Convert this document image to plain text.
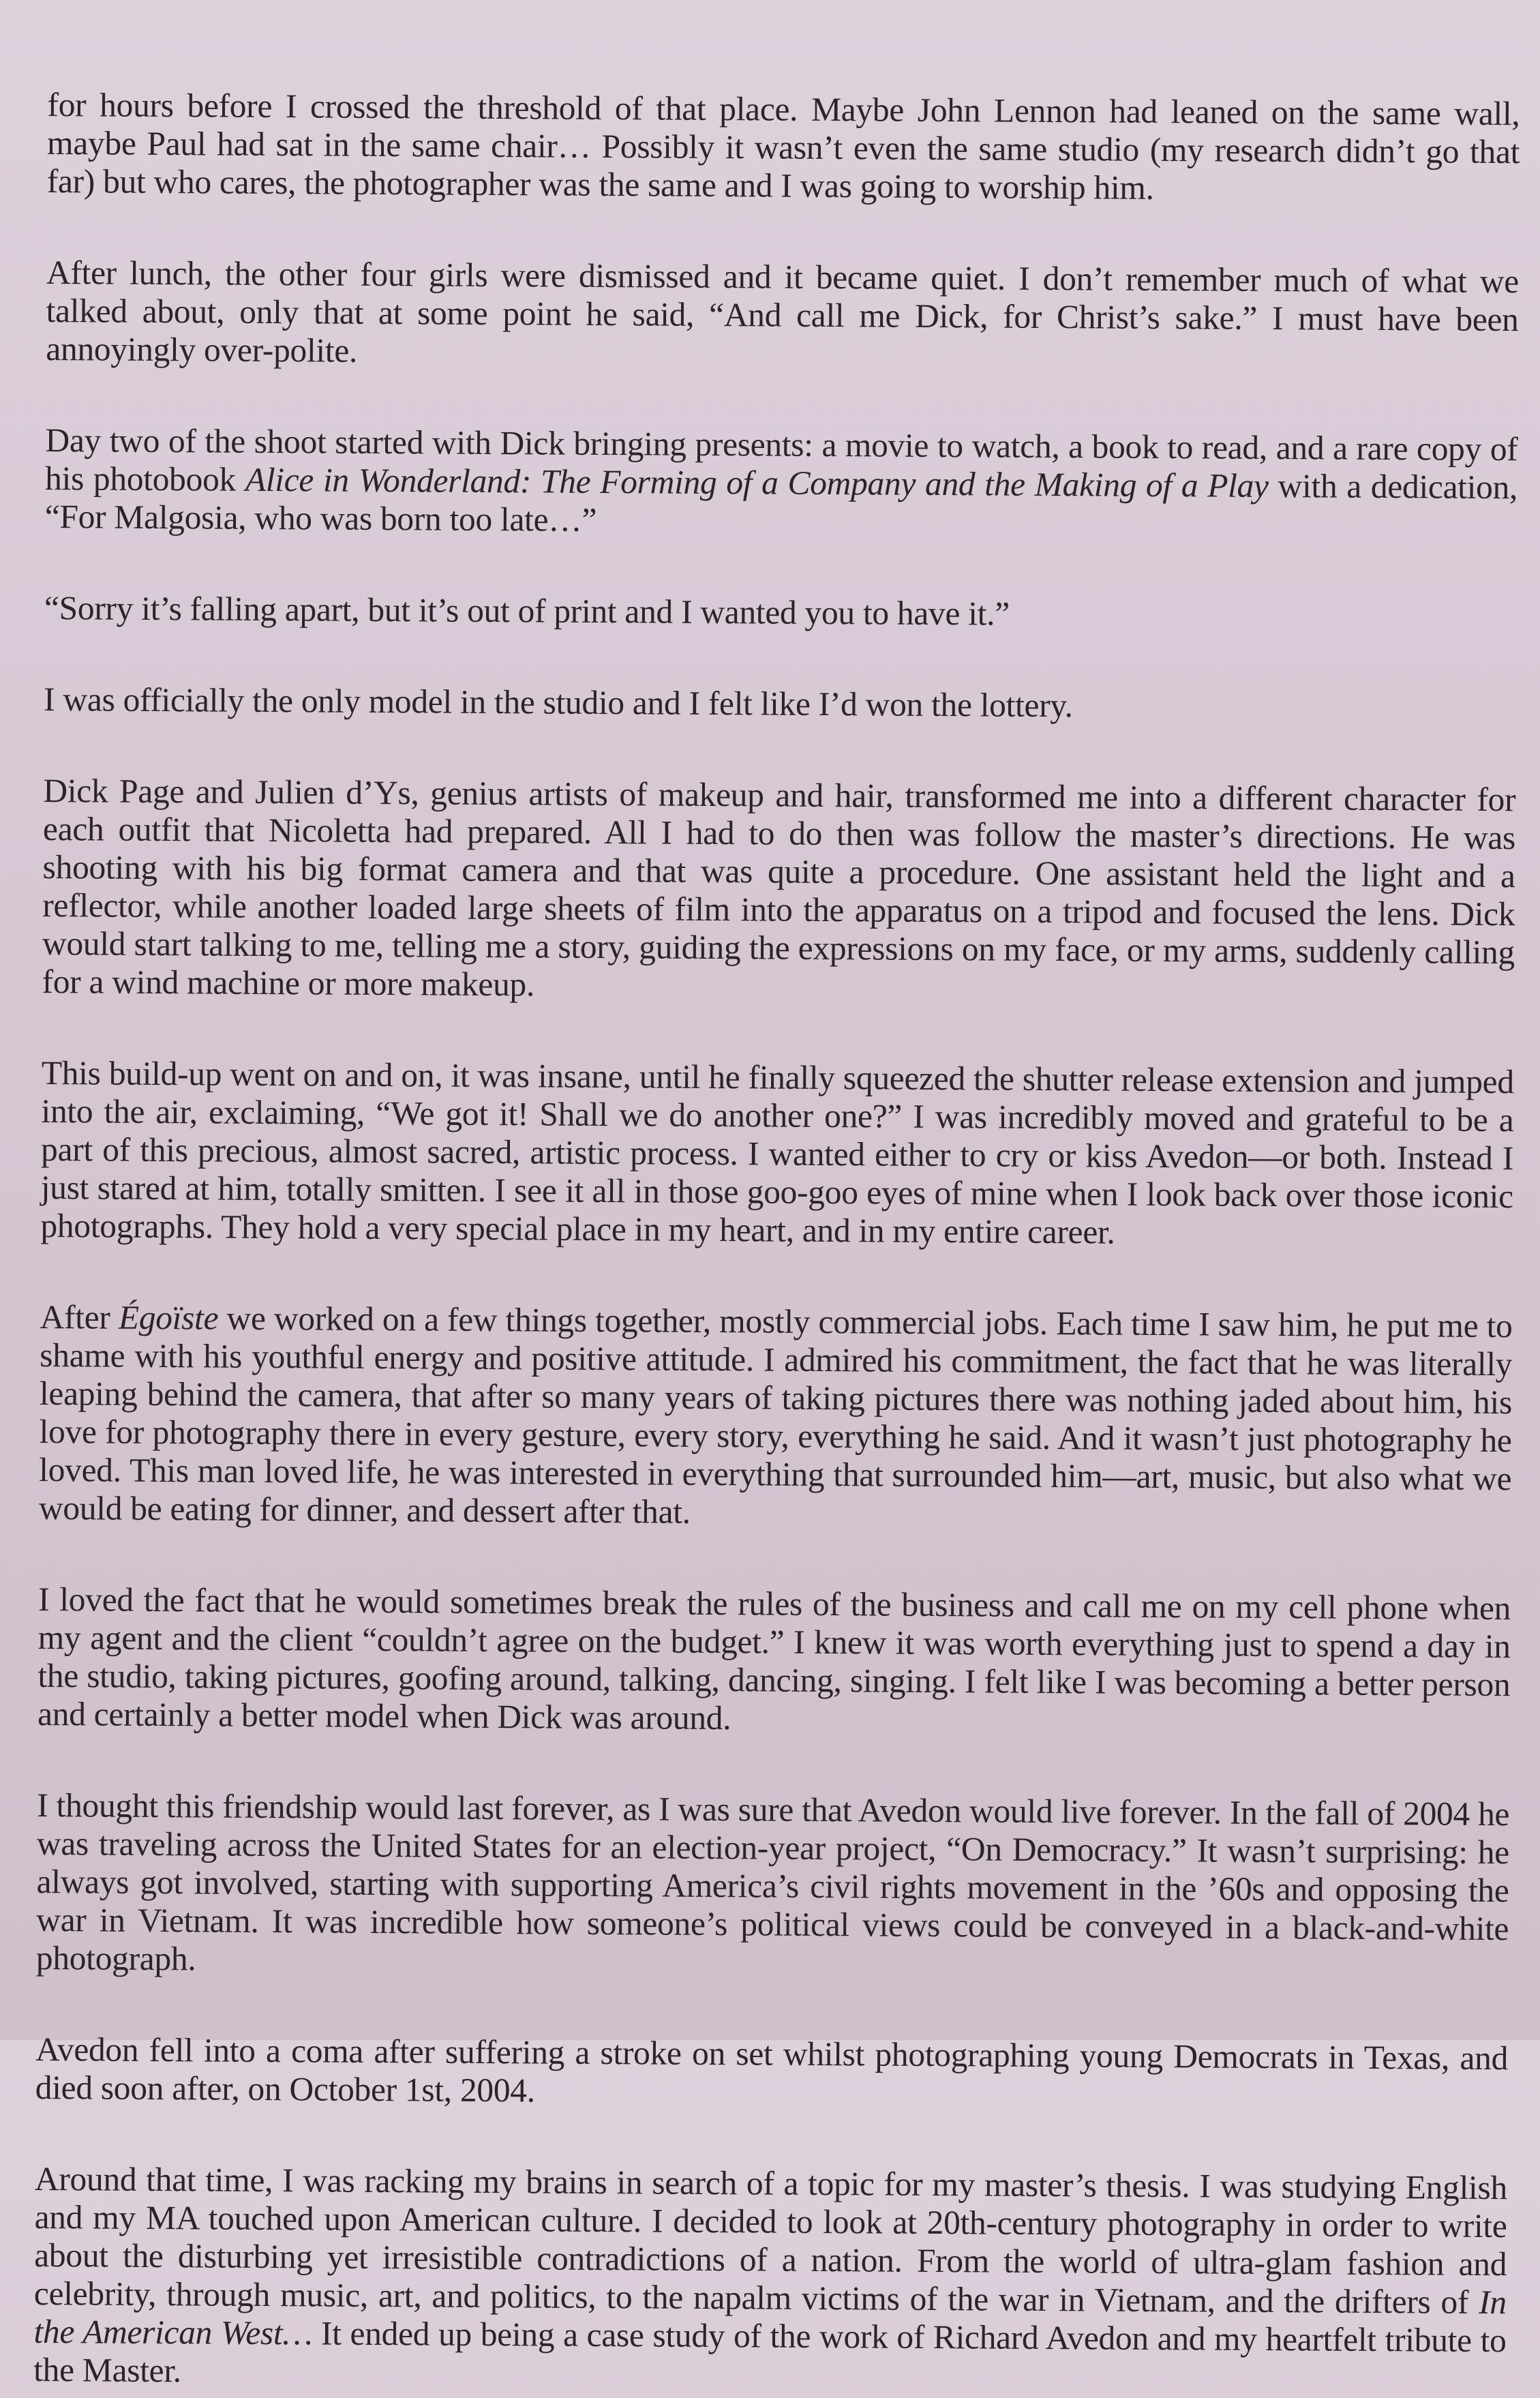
for hours before I crossed the threshold of that place. Maybe John Lennon had leaned on the same wall, maybe Paul had sat in the same chair… Possibly it wasn’t even the same studio (my research didn’t go that far) but who cares, the photographer was the same and I was going to worship him.

After lunch, the other four girls were dismissed and it became quiet. I don’t remember much of what we talked about, only that at some point he said, “And call me Dick, for Christ’s sake.” I must have been annoyingly over-polite.

Day two of the shoot started with Dick bringing presents: a movie to watch, a book to read, and a rare copy of his photobook Alice in Wonderland: The Forming of a Company and the Making of a Play with a dedication, “For Malgosia, who was born too late…”

“Sorry it’s falling apart, but it’s out of print and I wanted you to have it.”

I was officially the only model in the studio and I felt like I’d won the lottery.

Dick Page and Julien d’Ys, genius artists of makeup and hair, transformed me into a different character for each outfit that Nicoletta had prepared. All I had to do then was follow the master’s directions. He was shooting with his big format camera and that was quite a procedure. One assistant held the light and a reflector, while another loaded large sheets of film into the apparatus on a tripod and focused the lens. Dick would start talking to me, telling me a story, guiding the expressions on my face, or my arms, suddenly calling for a wind machine or more makeup.

This build-up went on and on, it was insane, until he finally squeezed the shutter release extension and jumped into the air, exclaiming, “We got it! Shall we do another one?” I was incredibly moved and grateful to be a part of this precious, almost sacred, artistic process. I wanted either to cry or kiss Avedon—or both. Instead I just stared at him, totally smitten. I see it all in those goo-goo eyes of mine when I look back over those iconic photographs. They hold a very special place in my heart, and in my entire career.

After Égoïste we worked on a few things together, mostly commercial jobs. Each time I saw him, he put me to shame with his youthful energy and positive attitude. I admired his commitment, the fact that he was literally leaping behind the camera, that after so many years of taking pictures there was nothing jaded about him, his love for photography there in every gesture, every story, everything he said. And it wasn’t just photography he loved. This man loved life, he was interested in everything that surrounded him—art, music, but also what we would be eating for dinner, and dessert after that.

I loved the fact that he would sometimes break the rules of the business and call me on my cell phone when my agent and the client “couldn’t agree on the budget.” I knew it was worth everything just to spend a day in the studio, taking pictures, goofing around, talking, dancing, singing. I felt like I was becoming a better person and certainly a better model when Dick was around.

I thought this friendship would last forever, as I was sure that Avedon would live forever. In the fall of 2004 he was traveling across the United States for an election-year project, “On Democracy.” It wasn’t surprising: he always got involved, starting with supporting America’s civil rights movement in the ’60s and opposing the war in Vietnam. It was incredible how someone’s political views could be conveyed in a black-and-white photograph.

Avedon fell into a coma after suffering a stroke on set whilst photographing young Democrats in Texas, and died soon after, on October 1st, 2004.

Around that time, I was racking my brains in search of a topic for my master’s thesis. I was studying English and my MA touched upon American culture. I decided to look at 20th-century photography in order to write about the disturbing yet irresistible contradictions of a nation. From the world of ultra-glam fashion and celebrity, through music, art, and politics, to the napalm victims of the war in Vietnam, and the drifters of In the American West… It ended up being a case study of the work of Richard Avedon and my heartfelt tribute to the Master.
